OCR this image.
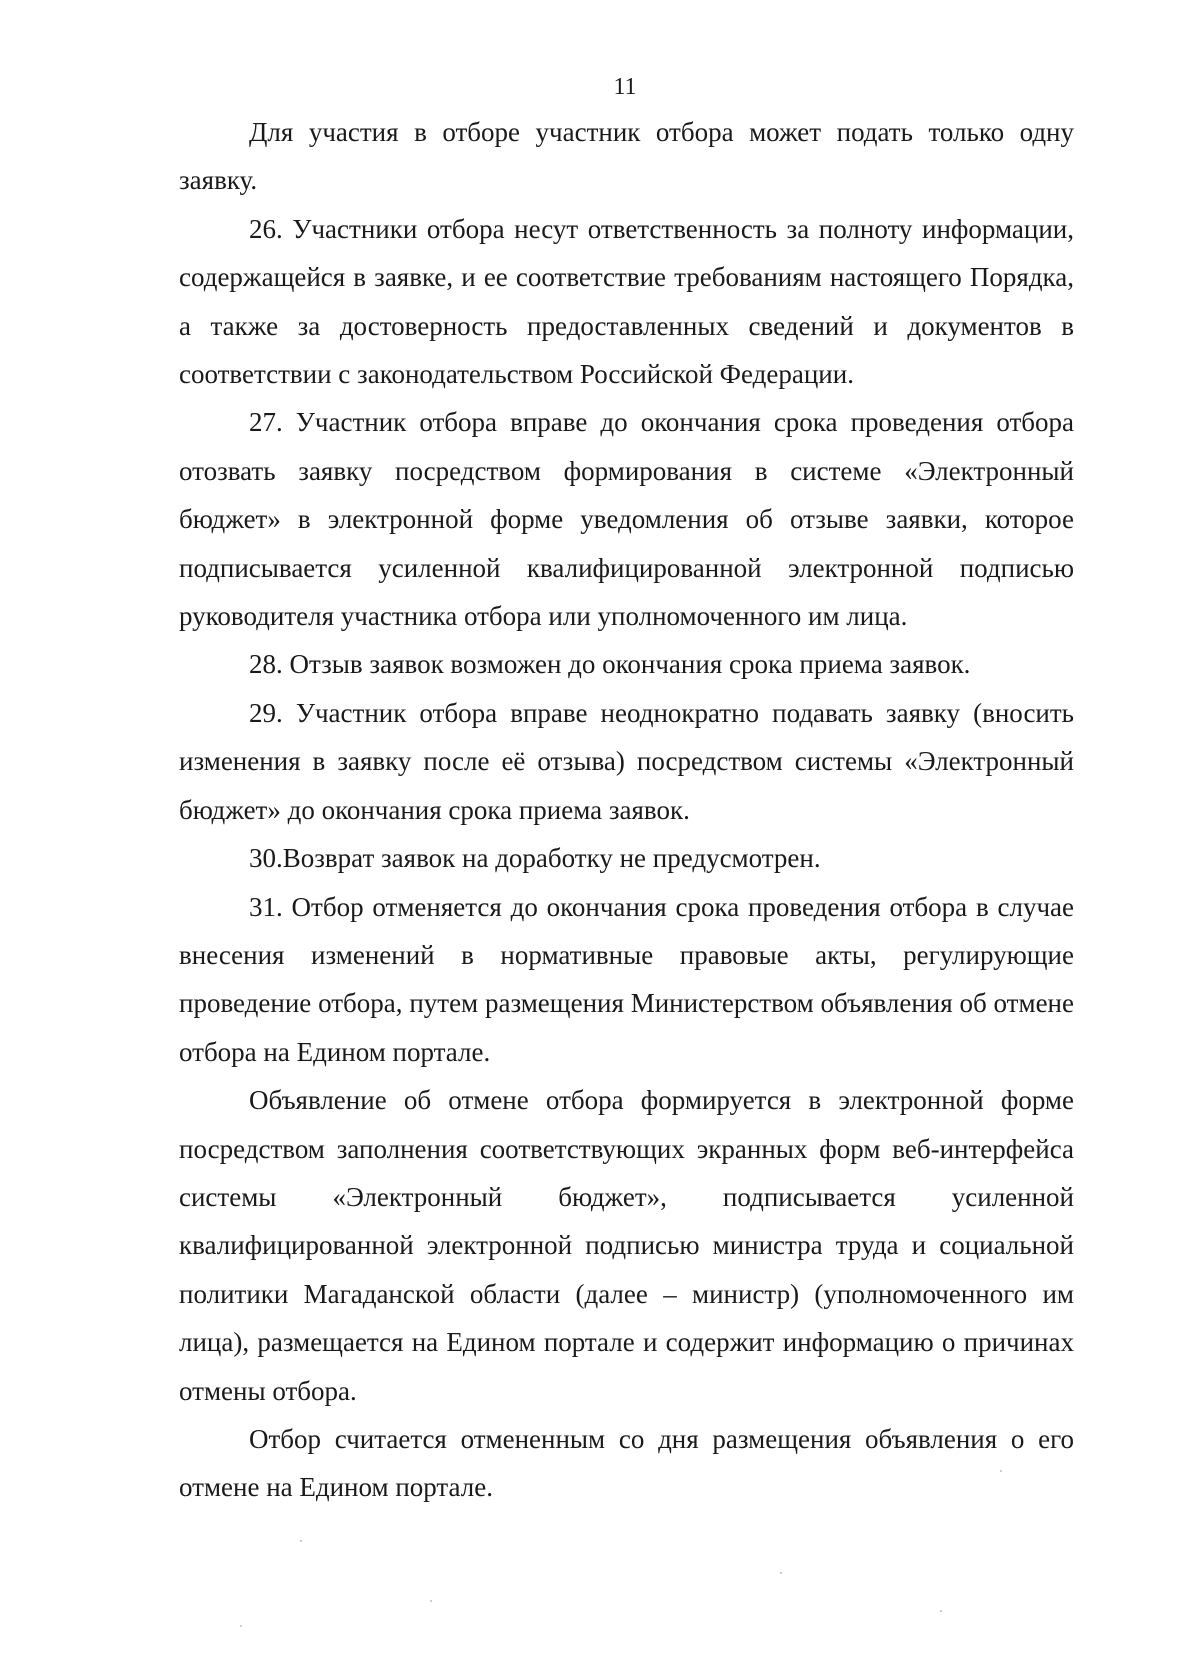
11

Для участия в отборе участник отбора может подать только одну заявку.

26. Участники отбора несут ответственность за полноту информации, содержащейся в заявке, и ее соответствие требованиям настоящего Порядка, а также за достоверность предоставленных сведений и документов в соответствии с законодательством Российской Федерации.

27. Участник отбора вправе до окончания срока проведения отбора отозвать заявку посредством формирования в системе «Электронный бюджет» в электронной форме уведомления об отзыве заявки, которое подписывается усиленной квалифицированной электронной подписью руководителя участника отбора или уполномоченного им лица.

28. Отзыв заявок возможен до окончания срока приема заявок.

29. Участник отбора вправе неоднократно подавать заявку (вносить изменения в заявку после её отзыва) посредством системы «Электронный бюджет» до окончания срока приема заявок.

30.Возврат заявок на доработку не предусмотрен.

31. Отбор отменяется до окончания срока проведения отбора в случае внесения изменений в нормативные правовые акты, регулирующие проведение отбора, путем размещения Министерством объявления об отмене отбора на Едином портале.

Объявление об отмене отбора формируется в электронной форме посредством заполнения соответствующих экранных форм веб-интерфейса системы «Электронный бюджет», подписывается усиленной квалифицированной электронной подписью министра труда и социальной политики Магаданской области (далее – министр) (уполномоченного им лица), размещается на Едином портале и содержит информацию о причинах отмены отбора.

Отбор считается отмененным со дня размещения объявления о его отмене на Едином портале.
